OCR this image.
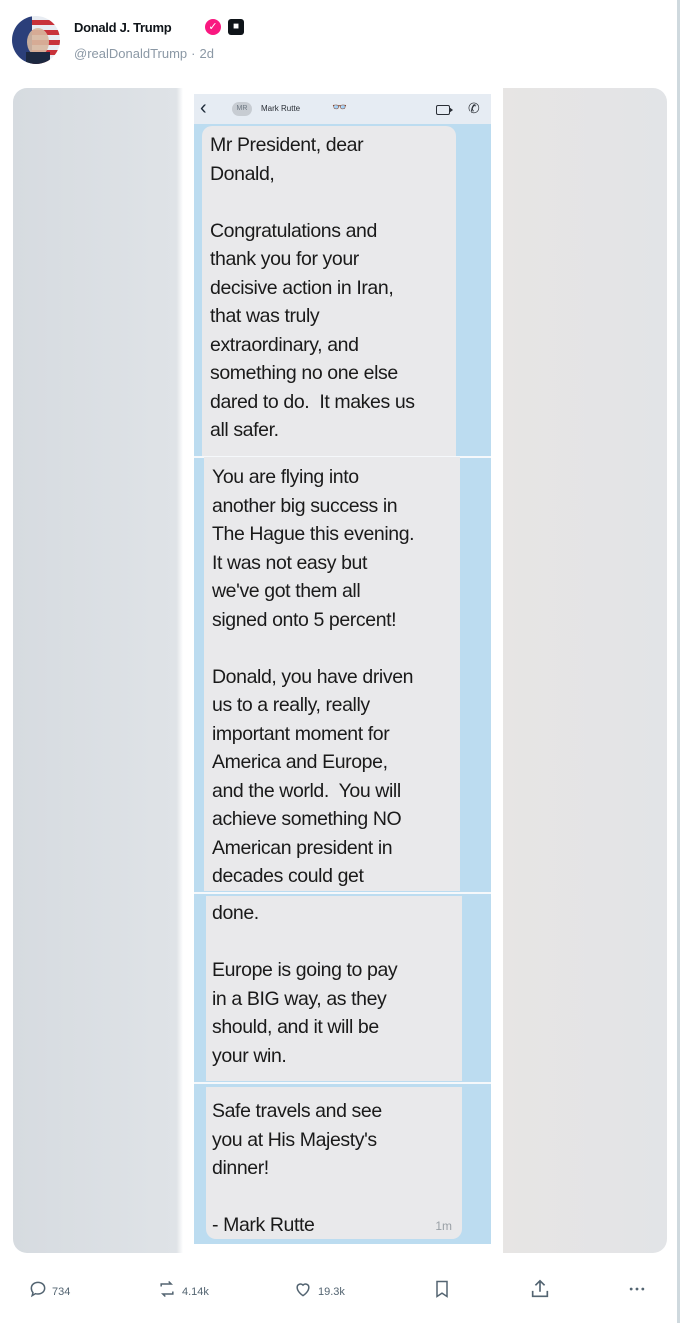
Donald J. Trump	✓	■
@realDonaldTrump · 2d
‹	MR	Mark Rutte	👓	✆

Mr President, dear
Donald,

Congratulations and
thank you for your
decisive action in Iran,
that was truly
extraordinary, and
something no one else
dared to do.  It makes us
all safer.

You are flying into
another big success in
The Hague this evening.
It was not easy but
we've got them all
signed onto 5 percent!

Donald, you have driven
us to a really, really
important moment for
America and Europe,
and the world.  You will
achieve something NO
American president in
decades could get

done.

Europe is going to pay
in a BIG way, as they
should, and it will be
your win.

Safe travels and see
you at His Majesty's
dinner!

- Mark Rutte	1m
734	4.14k	19.3k
